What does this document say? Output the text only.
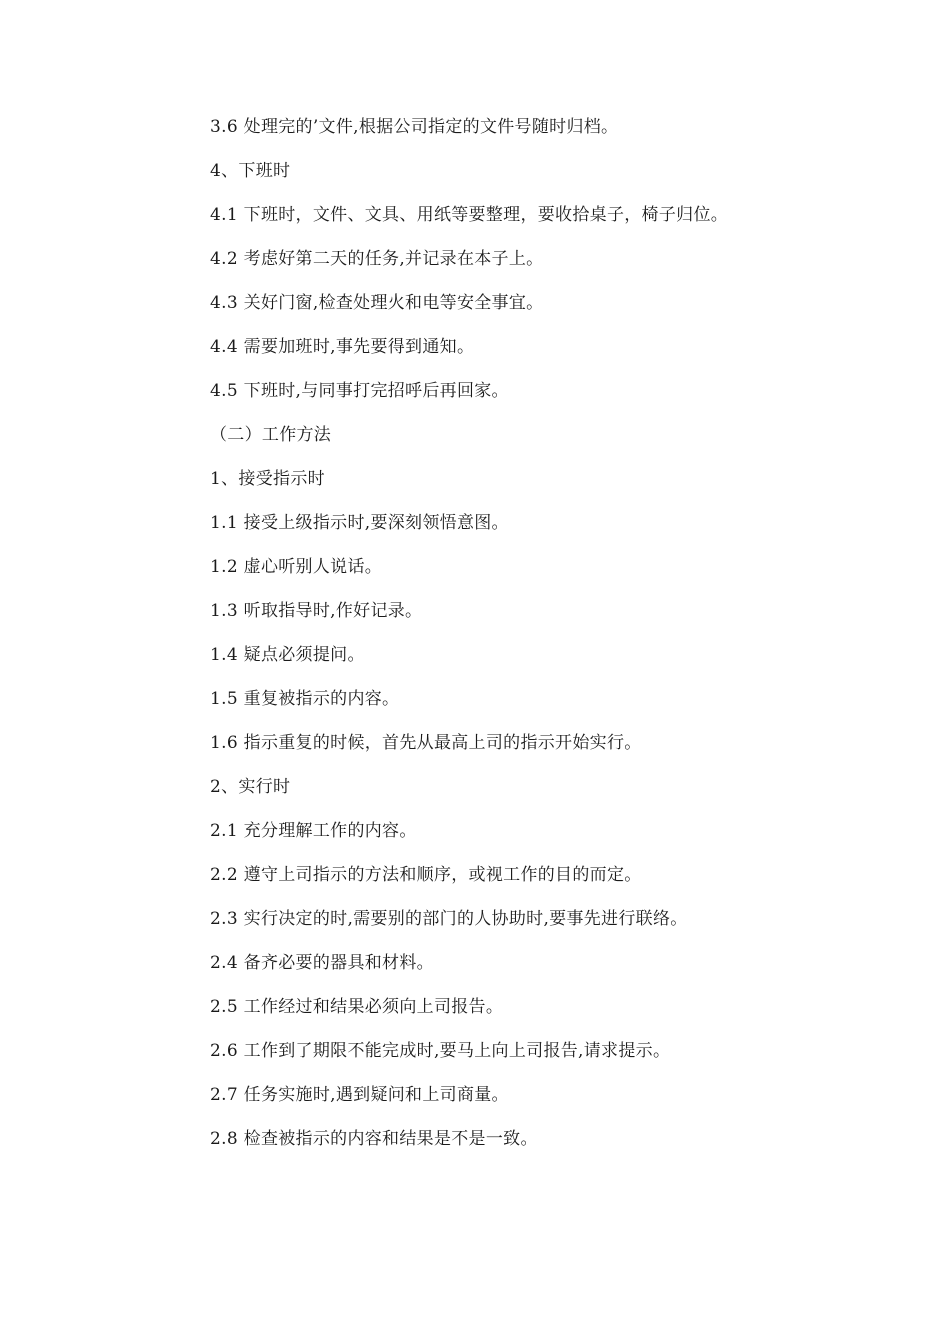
3.6 处理完的’文件,根据公司指定的文件号随时归档。
4、下班时
4.1 下班时，文件、文具、用纸等要整理，要收拾桌子，椅子归位。
4.2 考虑好第二天的任务,并记录在本子上。
4.3 关好门窗,检查处理火和电等安全事宜。
4.4 需要加班时,事先要得到通知。
4.5 下班时,与同事打完招呼后再回家。
（二）工作方法
1、接受指示时
1.1 接受上级指示时,要深刻领悟意图。
1.2 虚心听别人说话。
1.3 听取指导时,作好记录。
1.4 疑点必须提问。
1.5 重复被指示的内容。
1.6 指示重复的时候，首先从最高上司的指示开始实行。
2、实行时
2.1 充分理解工作的内容。
2.2 遵守上司指示的方法和顺序，或视工作的目的而定。
2.3 实行决定的时,需要别的部门的人协助时,要事先进行联络。
2.4 备齐必要的器具和材料。
2.5 工作经过和结果必须向上司报告。
2.6 工作到了期限不能完成时,要马上向上司报告,请求提示。
2.7 任务实施时,遇到疑问和上司商量。
2.8 检查被指示的内容和结果是不是一致。
